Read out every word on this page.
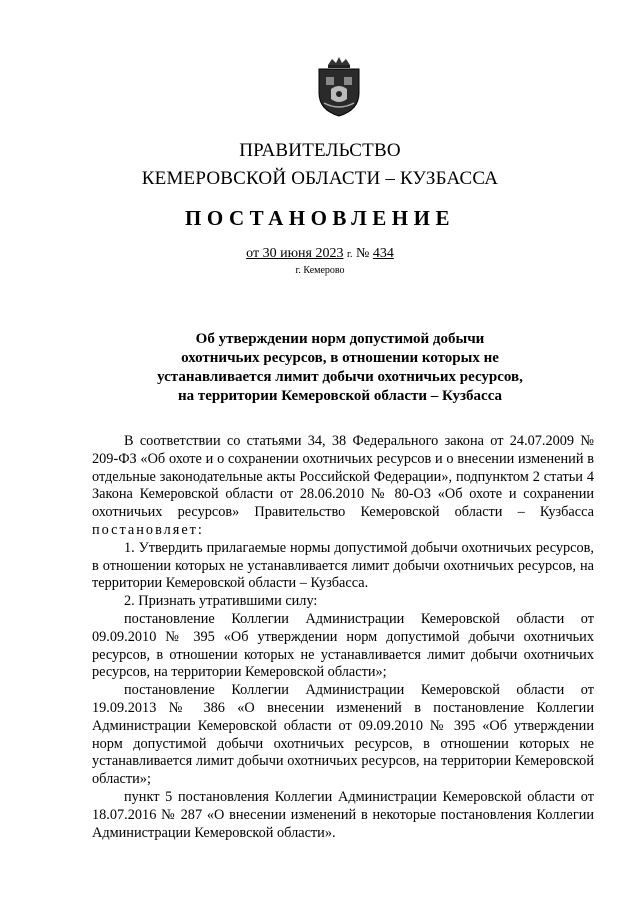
ПРАВИТЕЛЬСТВО
КЕМЕРОВСКОЙ ОБЛАСТИ – КУЗБАССА
ПОСТАНОВЛЕНИЕ
от 30 июня 2023 г. № 434
г. Кемерово
Об утверждении норм допустимой добычи
охотничьих ресурсов, в отношении которых не
устанавливается лимит добычи охотничьих ресурсов,
на территории Кемеровской области – Кузбасса

В соответствии со статьями 34, 38 Федерального закона от 24.07.2009 № 209-ФЗ «Об охоте и о сохранении охотничьих ресурсов и о внесении изменений в отдельные законодательные акты Российской Федерации», подпунктом 2 статьи 4 Закона Кемеровской области от 28.06.2010 № 80-ОЗ «Об охоте и сохранении охотничьих ресурсов» Правительство Кемеровской области – Кузбасса постановляет:

1. Утвердить прилагаемые нормы допустимой добычи охотничьих ресурсов, в отношении которых не устанавливается лимит добычи охотничьих ресурсов, на территории Кемеровской области – Кузбасса.

2. Признать утратившими силу:

постановление Коллегии Администрации Кемеровской области от 09.09.2010 № 395 «Об утверждении норм допустимой добычи охотничьих ресурсов, в отношении которых не устанавливается лимит добычи охотничьих ресурсов, на территории Кемеровской области»;

постановление Коллегии Администрации Кемеровской области от 19.09.2013 № 386 «О внесении изменений в постановление Коллегии Администрации Кемеровской области от 09.09.2010 № 395 «Об утверждении норм допустимой добычи охотничьих ресурсов, в отношении которых не устанавливается лимит добычи охотничьих ресурсов, на территории Кемеровской области»;

пункт 5 постановления Коллегии Администрации Кемеровской области от 18.07.2016 № 287 «О внесении изменений в некоторые постановления Коллегии Администрации Кемеровской области».
